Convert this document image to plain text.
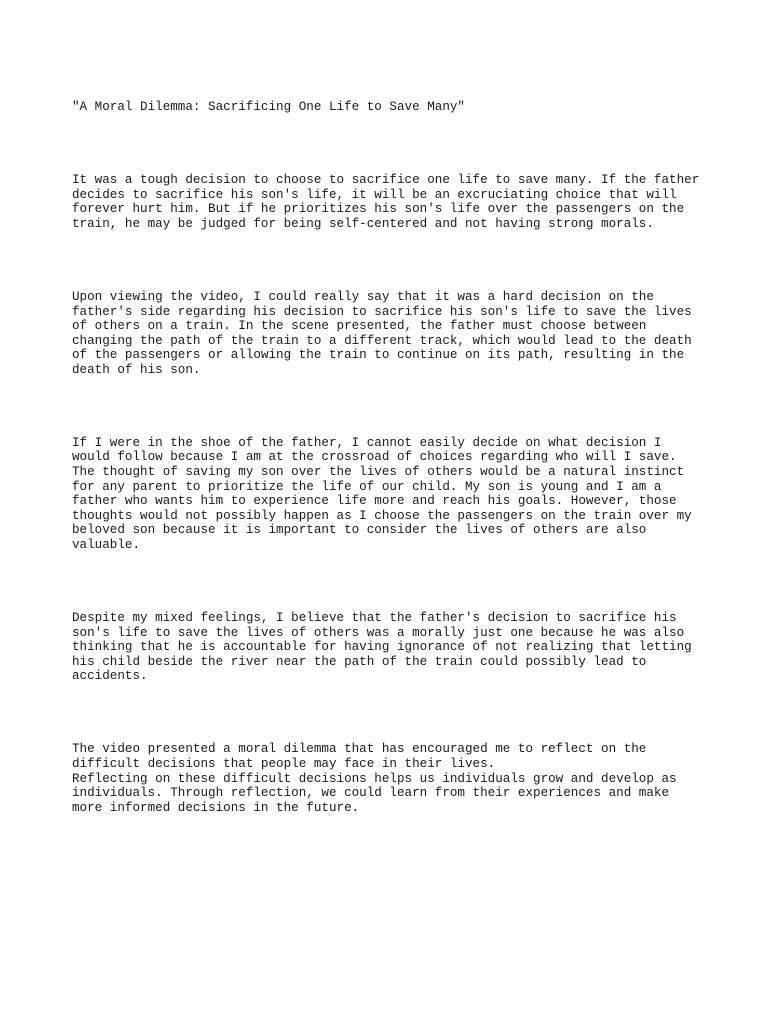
"A Moral Dilemma: Sacrificing One Life to Save Many"

It was a tough decision to choose to sacrifice one life to save many. If the father
decides to sacrifice his son's life, it will be an excruciating choice that will
forever hurt him. But if he prioritizes his son's life over the passengers on the
train, he may be judged for being self-centered and not having strong morals.

Upon viewing the video, I could really say that it was a hard decision on the
father's side regarding his decision to sacrifice his son's life to save the lives
of others on a train. In the scene presented, the father must choose between
changing the path of the train to a different track, which would lead to the death
of the passengers or allowing the train to continue on its path, resulting in the
death of his son.

If I were in the shoe of the father, I cannot easily decide on what decision I
would follow because I am at the crossroad of choices regarding who will I save.
The thought of saving my son over the lives of others would be a natural instinct
for any parent to prioritize the life of our child. My son is young and I am a
father who wants him to experience life more and reach his goals. However, those
thoughts would not possibly happen as I choose the passengers on the train over my
beloved son because it is important to consider the lives of others are also
valuable.

Despite my mixed feelings, I believe that the father's decision to sacrifice his
son's life to save the lives of others was a morally just one because he was also
thinking that he is accountable for having ignorance of not realizing that letting
his child beside the river near the path of the train could possibly lead to
accidents.

The video presented a moral dilemma that has encouraged me to reflect on the
difficult decisions that people may face in their lives.
Reflecting on these difficult decisions helps us individuals grow and develop as
individuals. Through reflection, we could learn from their experiences and make
more informed decisions in the future.
